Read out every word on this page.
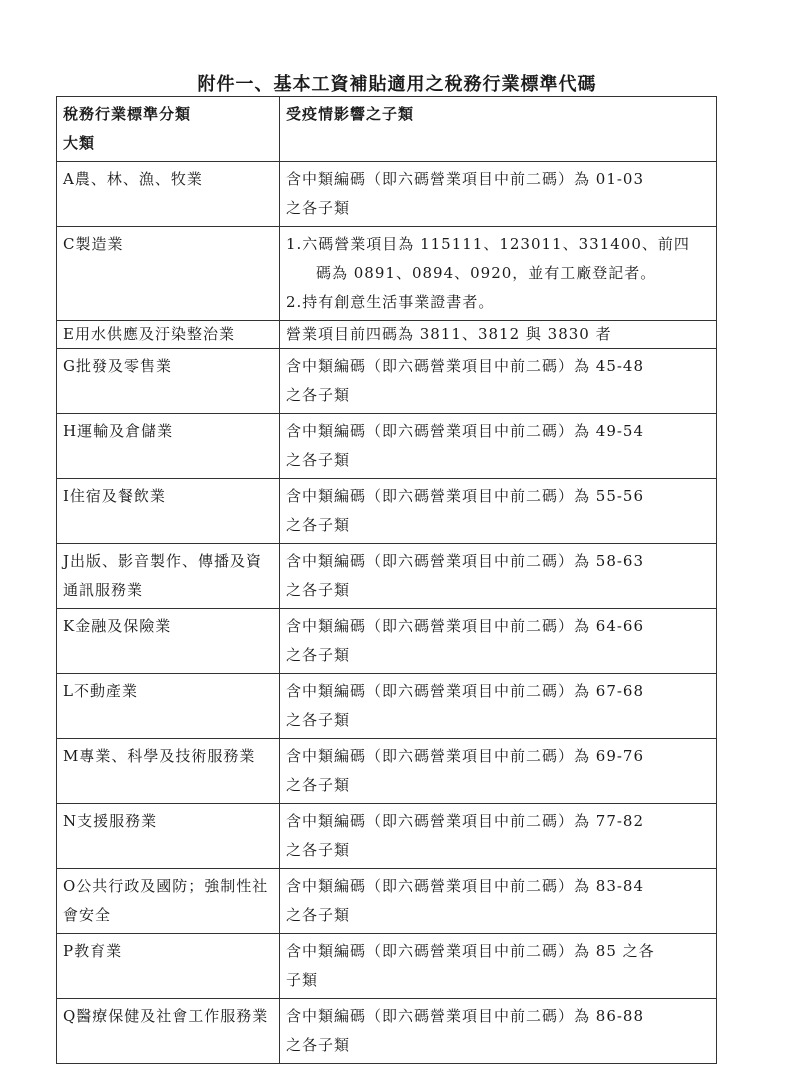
附件一、基本工資補貼適用之稅務行業標準代碼
稅務行業標準分類
大類	受疫情影響之子類
A農、林、漁、牧業	含中類編碼（即六碼營業項目中前二碼）為 01-03
之各子類

C製造業	1.六碼營業項目為 115111、123011、331400、前四
碼為 0891、0894、0920，並有工廠登記者。
2.持有創意生活事業證書者。

E用水供應及汙染整治業	營業項目前四碼為 3811、3812 與 3830 者

G批發及零售業	含中類編碼（即六碼營業項目中前二碼）為 45-48
之各子類

H運輸及倉儲業	含中類編碼（即六碼營業項目中前二碼）為 49-54
之各子類

I住宿及餐飲業	含中類編碼（即六碼營業項目中前二碼）為 55-56
之各子類

J出版、影音製作、傳播及資通訊服務業	含中類編碼（即六碼營業項目中前二碼）為 58-63
之各子類

K金融及保險業	含中類編碼（即六碼營業項目中前二碼）為 64-66
之各子類

L不動產業	含中類編碼（即六碼營業項目中前二碼）為 67-68
之各子類

M專業、科學及技術服務業	含中類編碼（即六碼營業項目中前二碼）為 69-76
之各子類

N支援服務業	含中類編碼（即六碼營業項目中前二碼）為 77-82
之各子類

O公共行政及國防；強制性社會安全	含中類編碼（即六碼營業項目中前二碼）為 83-84
之各子類

P教育業	含中類編碼（即六碼營業項目中前二碼）為 85 之各
子類

Q醫療保健及社會工作服務業	含中類編碼（即六碼營業項目中前二碼）為 86-88
之各子類
